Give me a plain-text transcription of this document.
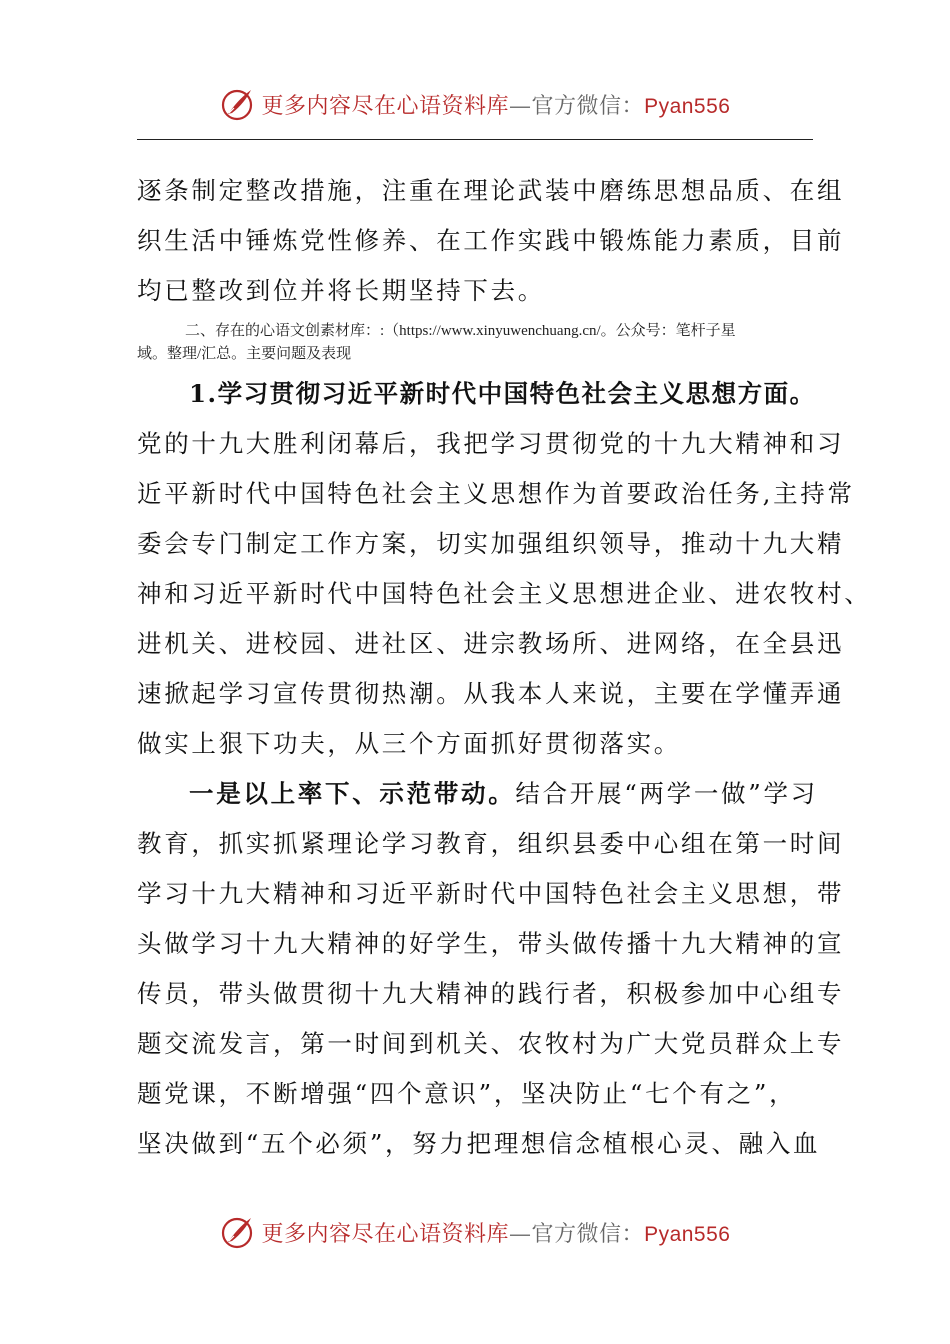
更多内容尽在心语资料库—官方微信：Pyan556
逐条制定整改措施，注重在理论武装中磨练思想品质、在组
织生活中锤炼党性修养、在工作实践中锻炼能力素质，目前
均已整改到位并将长期坚持下去。
二、存在的心语文创素材库：:（https://www.xinyuwenchuang.cn/。公众号：笔杆子星
域。整理/汇总。主要问题及表现
1.学习贯彻习近平新时代中国特色社会主义思想方面。
党的十九大胜利闭幕后，我把学习贯彻党的十九大精神和习
近平新时代中国特色社会主义思想作为首要政治任务,主持常
委会专门制定工作方案，切实加强组织领导，推动十九大精
神和习近平新时代中国特色社会主义思想进企业、进农牧村、
进机关、进校园、进社区、进宗教场所、进网络，在全县迅
速掀起学习宣传贯彻热潮。从我本人来说，主要在学懂弄通
做实上狠下功夫，从三个方面抓好贯彻落实。
一是以上率下、示范带动。结合开展“两学一做”学习
教育，抓实抓紧理论学习教育，组织县委中心组在第一时间
学习十九大精神和习近平新时代中国特色社会主义思想，带
头做学习十九大精神的好学生，带头做传播十九大精神的宣
传员，带头做贯彻十九大精神的践行者，积极参加中心组专
题交流发言，第一时间到机关、农牧村为广大党员群众上专
题党课，不断增强“四个意识”，坚决防止“七个有之”，
坚决做到“五个必须”，努力把理想信念植根心灵、融入血
更多内容尽在心语资料库—官方微信：Pyan556
